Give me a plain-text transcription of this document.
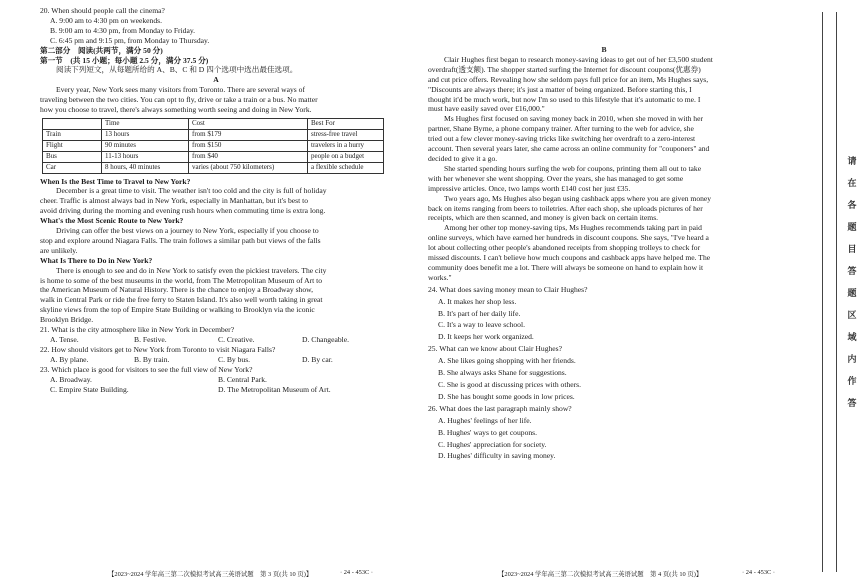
20. When should people call the cinema?
A. 9:00 am to 4:30 pm on weekends.
B. 9:00 am to 4:30 pm, from Monday to Friday.
C. 6:45 pm and 9:15 pm, from Monday to Thursday.
第二部分　阅读(共两节，满分 50 分)
第一节　(共 15 小题；每小题 2.5 分，满分 37.5 分)
阅读下列短文，从每题所给的 A、B、C 和 D 四个选项中选出最佳选项。
A
Every year, New York sees many visitors from Toronto. There are several ways of
traveling between the two cities. You can opt to fly, drive or take a train or a bus. No matter
how you choose to travel, there's always something worth seeing and doing in New York.
	Time	Cost	Best For
Train	13 hours	from $179	stress-free travel
Flight	90 minutes	from $150	travelers in a hurry
Bus	11-13 hours	from $40	people on a budget
Car	8 hours, 40 minutes	varies (about 750 kilometers)	a flexible schedule
When Is the Best Time to Travel to New York?
December is a great time to visit. The weather isn't too cold and the city is full of holiday
cheer. Traffic is almost always bad in New York, especially in Manhattan, but it's best to
avoid driving during the morning and evening rush hours when commuting time is extra long.
What's the Most Scenic Route to New York?
Driving can offer the best views on a journey to New York, especially if you choose to
stop and explore around Niagara Falls. The train follows a similar path but views of the falls
are unlikely.
What Is There to Do in New York?
There is enough to see and do in New York to satisfy even the pickiest travelers. The city
is home to some of the best museums in the world, from The Metropolitan Museum of Art to
the American Museum of Natural History. There is the chance to enjoy a Broadway show,
walk in Central Park or ride the free ferry to Staten Island. It's also well worth taking in great
skyline views from the top of Empire State Building or walking to Brooklyn via the iconic
Brooklyn Bridge.
21. What is the city atmosphere like in New York in December?
A. Tense.	B. Festive.	C. Creative.	D. Changeable.
22. How should visitors get to New York from Toronto to visit Niagara Falls?
A. By plane.	B. By train.	C. By bus.	D. By car.
23. Which place is good for visitors to see the full view of New York?
A. Broadway.	B. Central Park.
C. Empire State Building.	D. The Metropolitan Museum of Art.
【2023~2024 学年高三第二次模拟考试高三英语试题　第 3 页(共 10 页)】	· 24 - 453C ·
B
Clair Hughes first began to research money-saving ideas to get out of her £3,500 student
overdraft(透支额). The shopper started surfing the Internet for discount coupons(优惠券)
and cut price offers. Revealing how she seldom pays full price for an item, Ms Hughes says,
"Discounts are always there; it's just a matter of being organized. Before starting this, I
thought it'd be much work, but now I'm so used to this lifestyle that it's automatic to me. I
must have easily saved over £16,000."
Ms Hughes first focused on saving money back in 2010, when she moved in with her
partner, Shane Byrne, a phone company trainer. After turning to the web for advice, she
tried out a few clever money-saving tricks like switching her overdraft to a zero-interest
account. Then several years later, she came across an online community for "couponers" and
decided to give it a go.
She started spending hours surfing the web for coupons, printing them all out to take
with her whenever she went shopping. Over the years, she has managed to get some
impressive articles. Once, two lamps worth £140 cost her just £35.
Two years ago, Ms Hughes also began using cashback apps where you are given money
back on items ranging from beers to toiletries. After each shop, she uploads pictures of her
receipts, which are then scanned, and money is given back on certain items.
Among her other top money-saving tips, Ms Hughes recommends taking part in paid
online surveys, which have earned her hundreds in discount coupons. She says, "I've heard a
lot about collecting other people's abandoned receipts from shopping trolleys to check for
missed discounts. I can't believe how much coupons and cashback apps have helped me. The
community does benefit me a lot. There will always be someone on hand to explain how it
works."
24. What does saving money mean to Clair Hughes?
A. It makes her shop less.
B. It's part of her daily life.
C. It's a way to leave school.
D. It keeps her work organized.
25. What can we know about Clair Hughes?
A. She likes going shopping with her friends.
B. She always asks Shane for suggestions.
C. She is good at discussing prices with others.
D. She has bought some goods in low prices.
26. What does the last paragraph mainly show?
A. Hughes' feelings of her life.
B. Hughes' ways to get coupons.
C. Hughes' appreciation for society.
D. Hughes' difficulty in saving money.
【2023~2024 学年高三第二次模拟考试高三英语试题　第 4 页(共 10 页)】	· 24 - 453C ·
请
在
各
题
目
答
题
区
域
内
作
答
